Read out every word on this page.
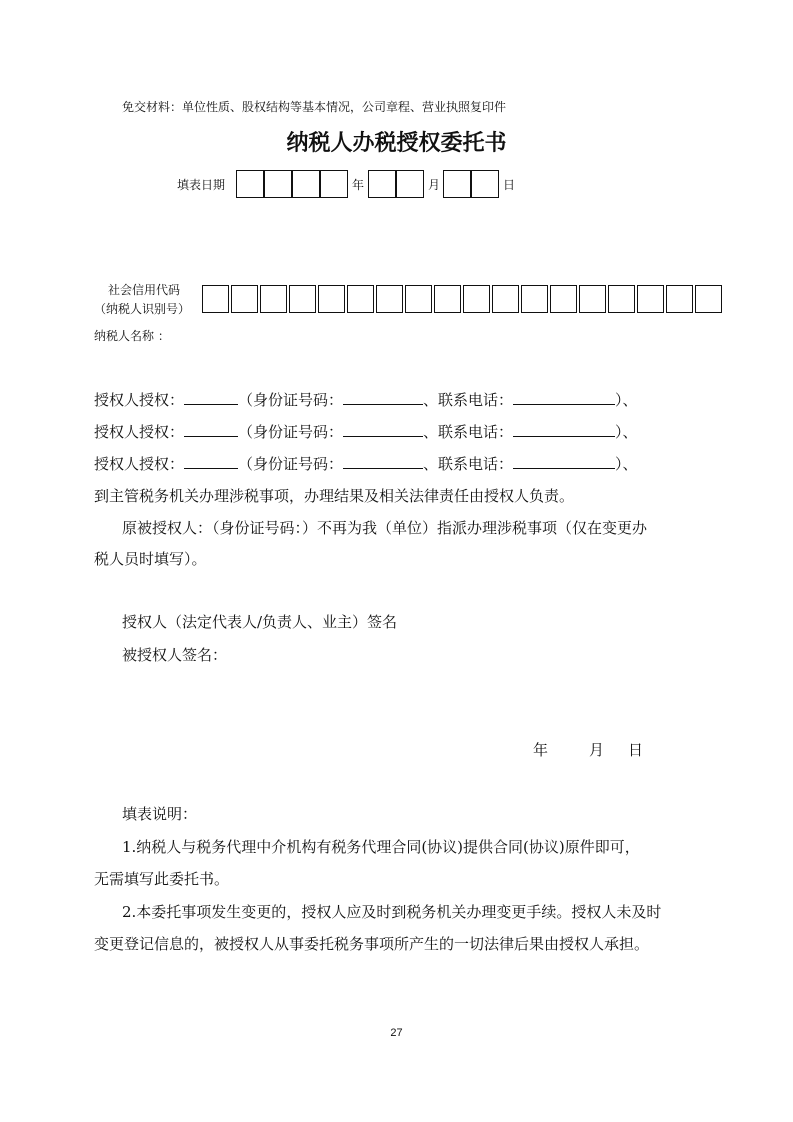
免交材料：单位性质、股权结构等基本情况，公司章程、营业执照复印件
纳税人办税授权委托书
填表日期	年	月	日
社会信用代码
（纳税人识别号）
纳税人名称 ：
授权人授权：	（身份证号码：	、联系电话：	）、
授权人授权：	（身份证号码：	、联系电话：	）、
授权人授权：	（身份证号码：	、联系电话：	）、
到主管税务机关办理涉税事项，办理结果及相关法律责任由授权人负责。
原被授权人：（身份证号码：）不再为我（单位）指派办理涉税事项（仅在变更办
税人员时填写）。
授权人（法定代表人/负责人、业主）签名
被授权人签名：
年	月 日
填表说明：
1.纳税人与税务代理中介机构有税务代理合同(协议)提供合同(协议)原件即可，
无需填写此委托书。
2.本委托事项发生变更的，授权人应及时到税务机关办理变更手续。授权人未及时
变更登记信息的，被授权人从事委托税务事项所产生的一切法律后果由授权人承担。
27
